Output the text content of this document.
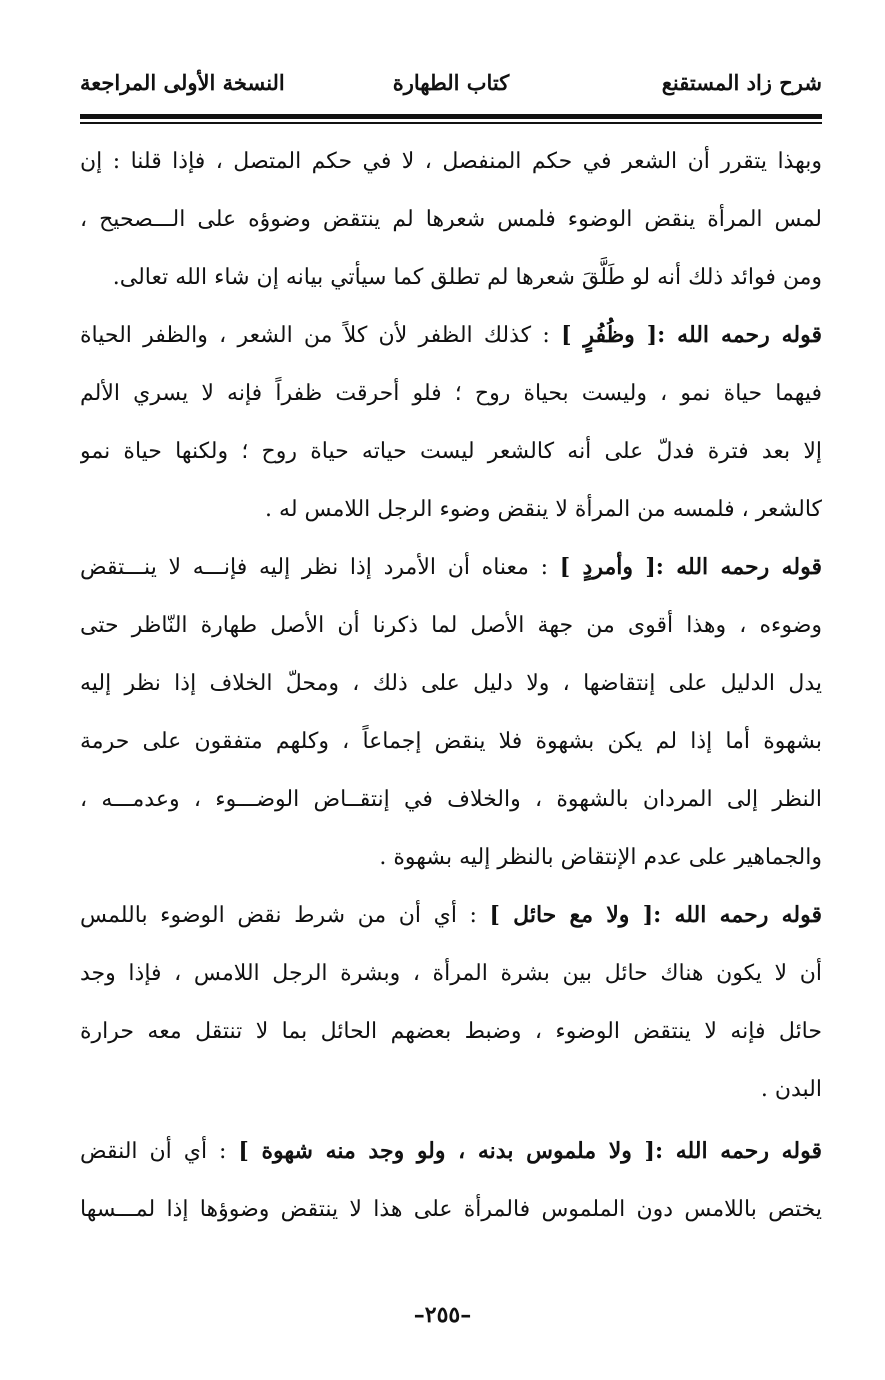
شرح زاد المستقنع
كتاب الطهارة
النسخة الأولى المراجعة
وبهذا يتقرر أن الشعر في حكم المنفصل ، لا في حكم المتصل ، فإذا قلنا : إن
لمس المرأة ينقض الوضوء فلمس شعرها لم ينتقض وضوؤه على الـــصحيح ،
ومن فوائد ذلك أنه لو طَلَّقَ شعرها لم تطلق كما سيأتي بيانه إن شاء الله تعالى.
قوله رحمه الله :[ وظُفُرٍ ] : كذلك الظفر لأن كلاً من الشعر ، والظفر الحياة
فيهما حياة نمو ، وليست بحياة روح ؛ فلو أحرقت ظفراً فإنه لا يسري الألم
إلا بعد فترة فدلّ على أنه كالشعر ليست حياته حياة روح ؛ ولكنها حياة نمو
كالشعر ، فلمسه من المرأة لا ينقض وضوء الرجل اللامس له .
قوله رحمه الله :[ وأمردٍ ] : معناه أن الأمرد إذا نظر إليه فإنـــه لا ينـــتقض
وضوءه ، وهذا أقوى من جهة الأصل لما ذكرنا أن الأصل طهارة النّاظر حتى
يدل الدليل على إنتقاضها ، ولا دليل على ذلك ، ومحلّ الخلاف إذا نظر إليه
بشهوة أما إذا لم يكن بشهوة فلا ينقض إجماعاً ، وكلهم متفقون على حرمة
النظر إلى المردان بالشهوة ، والخلاف في إنتقــاض الوضـــوء ، وعدمـــه ،
والجماهير على عدم الإنتقاض بالنظر إليه بشهوة .
قوله رحمه الله :[ ولا مع حائل ] : أي أن من شرط نقض الوضوء باللمس
أن لا يكون هناك حائل بين بشرة المرأة ، وبشرة الرجل اللامس ، فإذا وجد
حائل فإنه لا ينتقض الوضوء ، وضبط بعضهم الحائل بما لا تنتقل معه حرارة
البدن .
قوله رحمه الله :[ ولا ملموس بدنه ، ولو وجد منه شهوة ] : أي أن النقض
يختص باللامس دون الملموس فالمرأة على هذا لا ينتقض وضوؤها إذا لمـــسها
–٢٥٥–
